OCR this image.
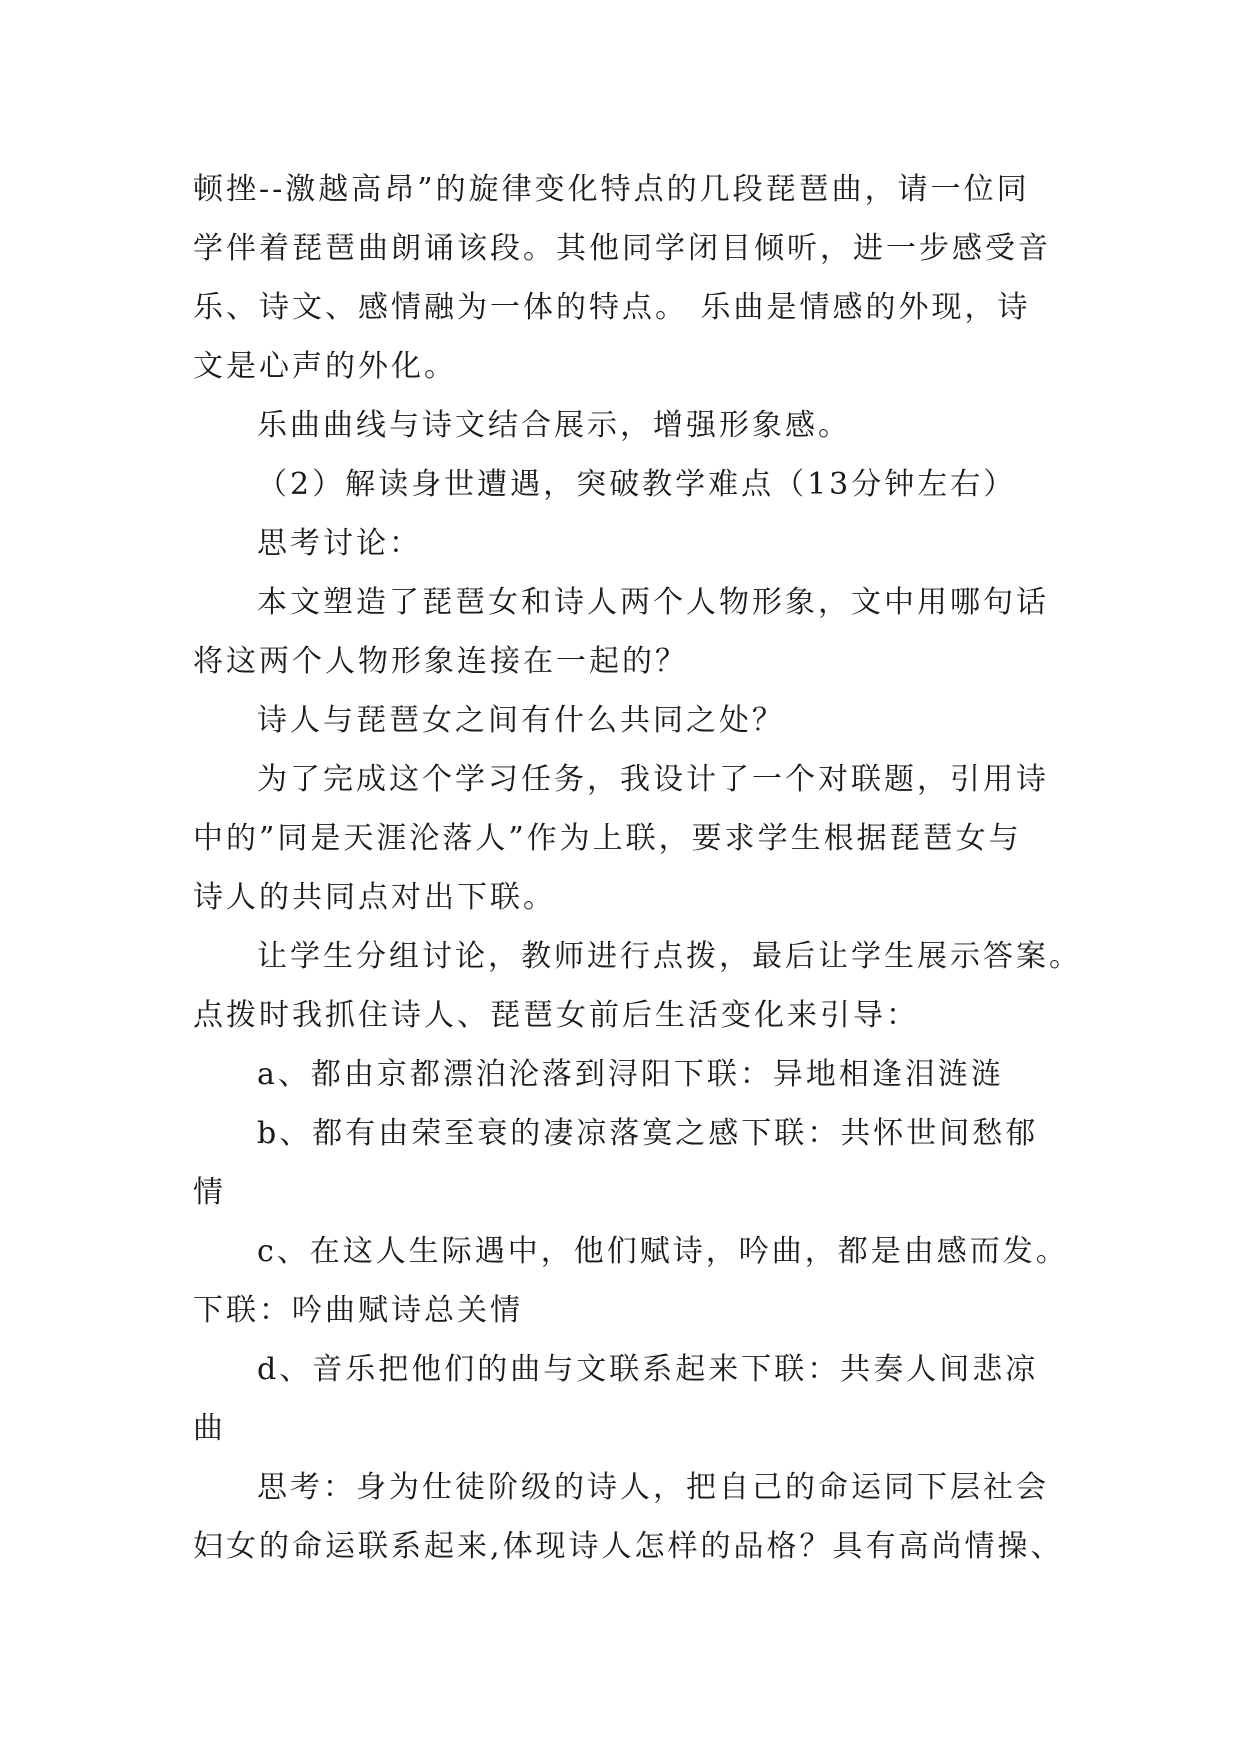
顿挫--激越高昂”的旋律变化特点的几段琵琶曲，请一位同
学伴着琵琶曲朗诵该段。其他同学闭目倾听，进一步感受音
乐、诗文、感情融为一体的特点。 乐曲是情感的外现，诗
文是心声的外化。
乐曲曲线与诗文结合展示，增强形象感。
（2）解读身世遭遇，突破教学难点（13分钟左右）
思考讨论：
本文塑造了琵琶女和诗人两个人物形象，文中用哪句话
将这两个人物形象连接在一起的？
诗人与琵琶女之间有什么共同之处？
为了完成这个学习任务，我设计了一个对联题，引用诗
中的”同是天涯沦落人”作为上联，要求学生根据琵琶女与
诗人的共同点对出下联。
让学生分组讨论，教师进行点拨，最后让学生展示答案。
点拨时我抓住诗人、琵琶女前后生活变化来引导：
a、都由京都漂泊沦落到浔阳下联：异地相逢泪涟涟
b、都有由荣至衰的凄凉落寞之感下联：共怀世间愁郁
情
c、在这人生际遇中，他们赋诗，吟曲，都是由感而发。
下联：吟曲赋诗总关情
d、音乐把他们的曲与文联系起来下联：共奏人间悲凉
曲
思考：身为仕徒阶级的诗人，把自己的命运同下层社会
妇女的命运联系起来,体现诗人怎样的品格？具有高尚情操、
